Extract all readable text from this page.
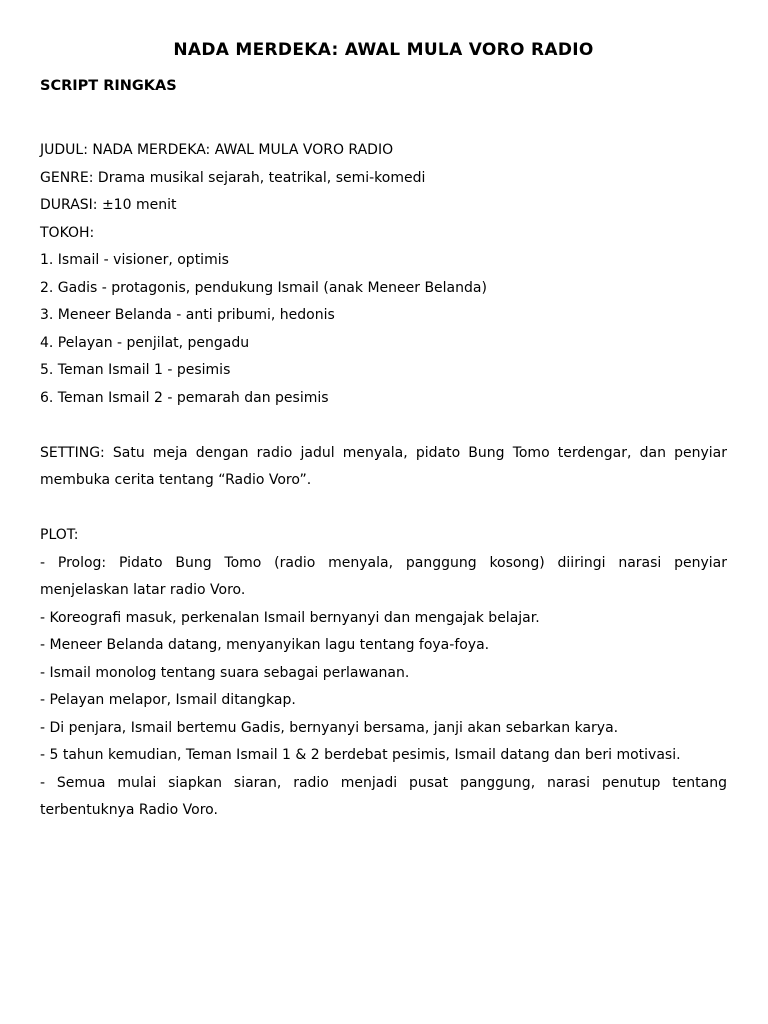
NADA MERDEKA: AWAL MULA VORO RADIO
SCRIPT RINGKAS
JUDUL: NADA MERDEKA: AWAL MULA VORO RADIO
GENRE: Drama musikal sejarah, teatrikal, semi-komedi
DURASI: ±10 menit
TOKOH:
1. Ismail - visioner, optimis
2. Gadis - protagonis, pendukung Ismail (anak Meneer Belanda)
3. Meneer Belanda - anti pribumi, hedonis
4. Pelayan - penjilat, pengadu
5. Teman Ismail 1 - pesimis
6. Teman Ismail 2 - pemarah dan pesimis
SETTING: Satu meja dengan radio jadul menyala, pidato Bung Tomo terdengar, dan penyiar membuka cerita tentang “Radio Voro”.
PLOT:
- Prolog: Pidato Bung Tomo (radio menyala, panggung kosong) diiringi narasi penyiar menjelaskan latar radio Voro.
- Koreografi masuk, perkenalan Ismail bernyanyi dan mengajak belajar.
- Meneer Belanda datang, menyanyikan lagu tentang foya-foya.
- Ismail monolog tentang suara sebagai perlawanan.
- Pelayan melapor, Ismail ditangkap.
- Di penjara, Ismail bertemu Gadis, bernyanyi bersama, janji akan sebarkan karya.
- 5 tahun kemudian, Teman Ismail 1 & 2 berdebat pesimis, Ismail datang dan beri motivasi.
- Semua mulai siapkan siaran, radio menjadi pusat panggung, narasi penutup tentang terbentuknya Radio Voro.
